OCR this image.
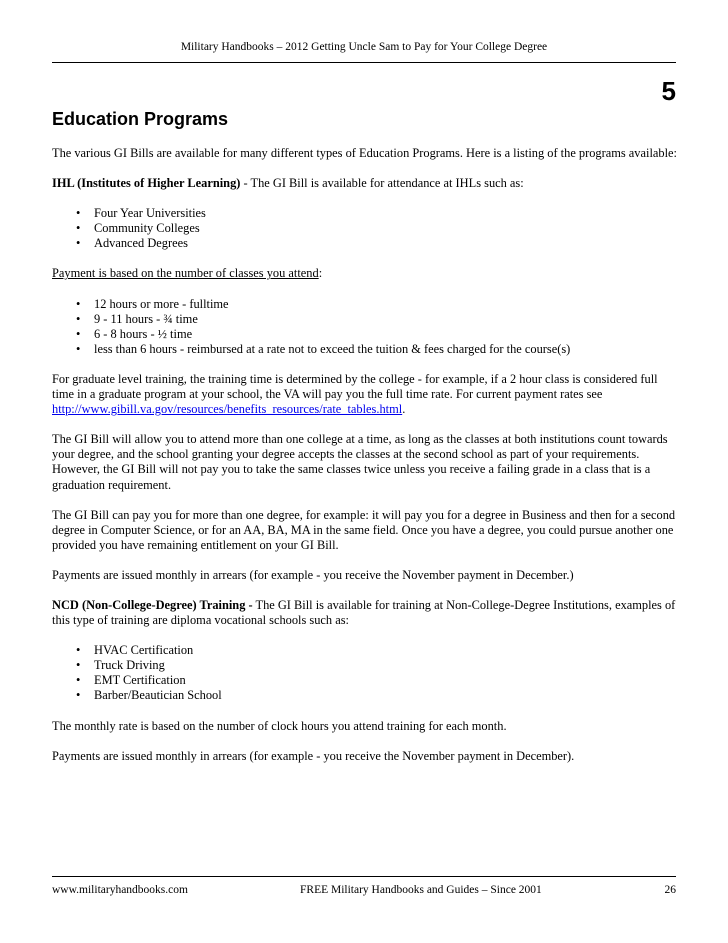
Military Handbooks – 2012 Getting Uncle Sam to Pay for Your College Degree
5
Education Programs

The various GI Bills are available for many different types of Education Programs. Here is a listing of the programs available:

IHL (Institutes of Higher Learning) - The GI Bill is available for attendance at IHLs such as:

• Four Year Universities
• Community Colleges
• Advanced Degrees

Payment is based on the number of classes you attend:

• 12 hours or more - fulltime
• 9 - 11 hours - ¾ time
• 6 - 8 hours - ½ time
• less than 6 hours - reimbursed at a rate not to exceed the tuition & fees charged for the course(s)

For graduate level training, the training time is determined by the college - for example, if a 2 hour class is considered full time in a graduate program at your school, the VA will pay you the full time rate. For current payment rates see http://www.gibill.va.gov/resources/benefits_resources/rate_tables.html.

The GI Bill will allow you to attend more than one college at a time, as long as the classes at both institutions count towards your degree, and the school granting your degree accepts the classes at the second school as part of your requirements. However, the GI Bill will not pay you to take the same classes twice unless you receive a failing grade in a class that is a graduation requirement.

The GI Bill can pay you for more than one degree, for example: it will pay you for a degree in Business and then for a second degree in Computer Science, or for an AA, BA, MA in the same field. Once you have a degree, you could pursue another one provided you have remaining entitlement on your GI Bill.

Payments are issued monthly in arrears (for example - you receive the November payment in December.)

NCD (Non-College-Degree) Training - The GI Bill is available for training at Non-College-Degree Institutions, examples of this type of training are diploma vocational schools such as:

• HVAC Certification
• Truck Driving
• EMT Certification
• Barber/Beautician School

The monthly rate is based on the number of clock hours you attend training for each month.

Payments are issued monthly in arrears (for example - you receive the November payment in December).

www.militaryhandbooks.com	FREE Military Handbooks and Guides – Since 2001	26
